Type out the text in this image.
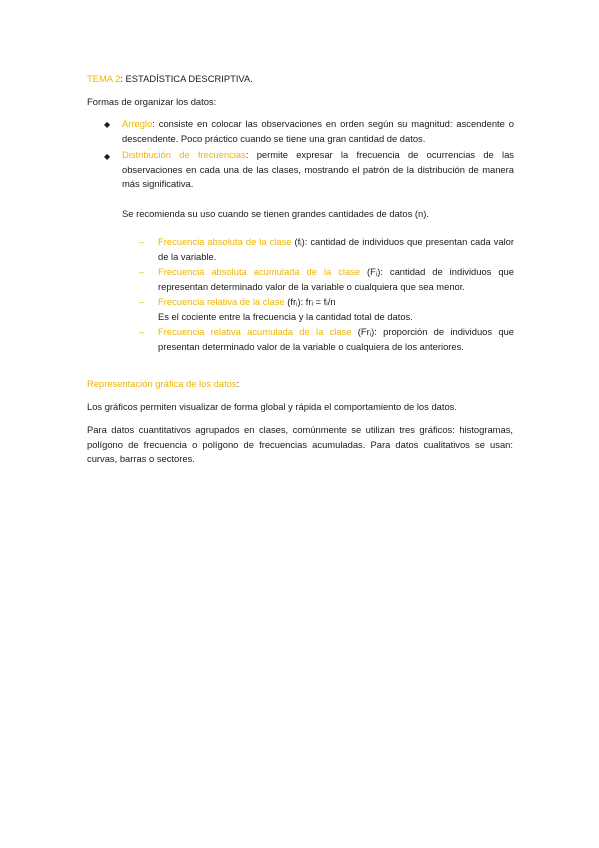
TEMA 2: ESTADÍSTICA DESCRIPTIVA.

Formas de organizar los datos:

◆	Arreglo: consiste en colocar las observaciones en orden según su magnitud: ascendente o descendente. Poco práctico cuando se tiene una gran cantidad de datos.

◆	Distribución de frecuencias: permite expresar la frecuencia de ocurrencias de las observaciones en cada una de las clases, mostrando el patrón de la distribución de manera más significativa.

Se recomienda su uso cuando se tienen grandes cantidades de datos (n).

–	Frecuencia absoluta de la clase $(f_i)$: cantidad de individuos que presentan cada valor de la variable.

–	Frecuencia absoluta acumulada de la clase $(F_i)$: cantidad de individuos que representan determinado valor de la variable o cualquiera que sea menor.

–	Frecuencia relativa de la clase $(fr_i)$: frᵢ = fᵢ/n
Es el cociente entre la frecuencia y la cantidad total de datos.

–	Frecuencia relativa acumulada de la clase $(Fr_i)$: proporción de individuos que presentan determinado valor de la variable o cualquiera de los anteriores.

Representación gráfica de los datos:

Los gráficos permiten visualizar de forma global y rápida el comportamiento de los datos.

Para datos cuantitativos agrupados en clases, comúnmente se utilizan tres gráficos: histogramas, polígono de frecuencia o polígono de frecuencias acumuladas. Para datos cualitativos se usan: curvas, barras o sectores.
